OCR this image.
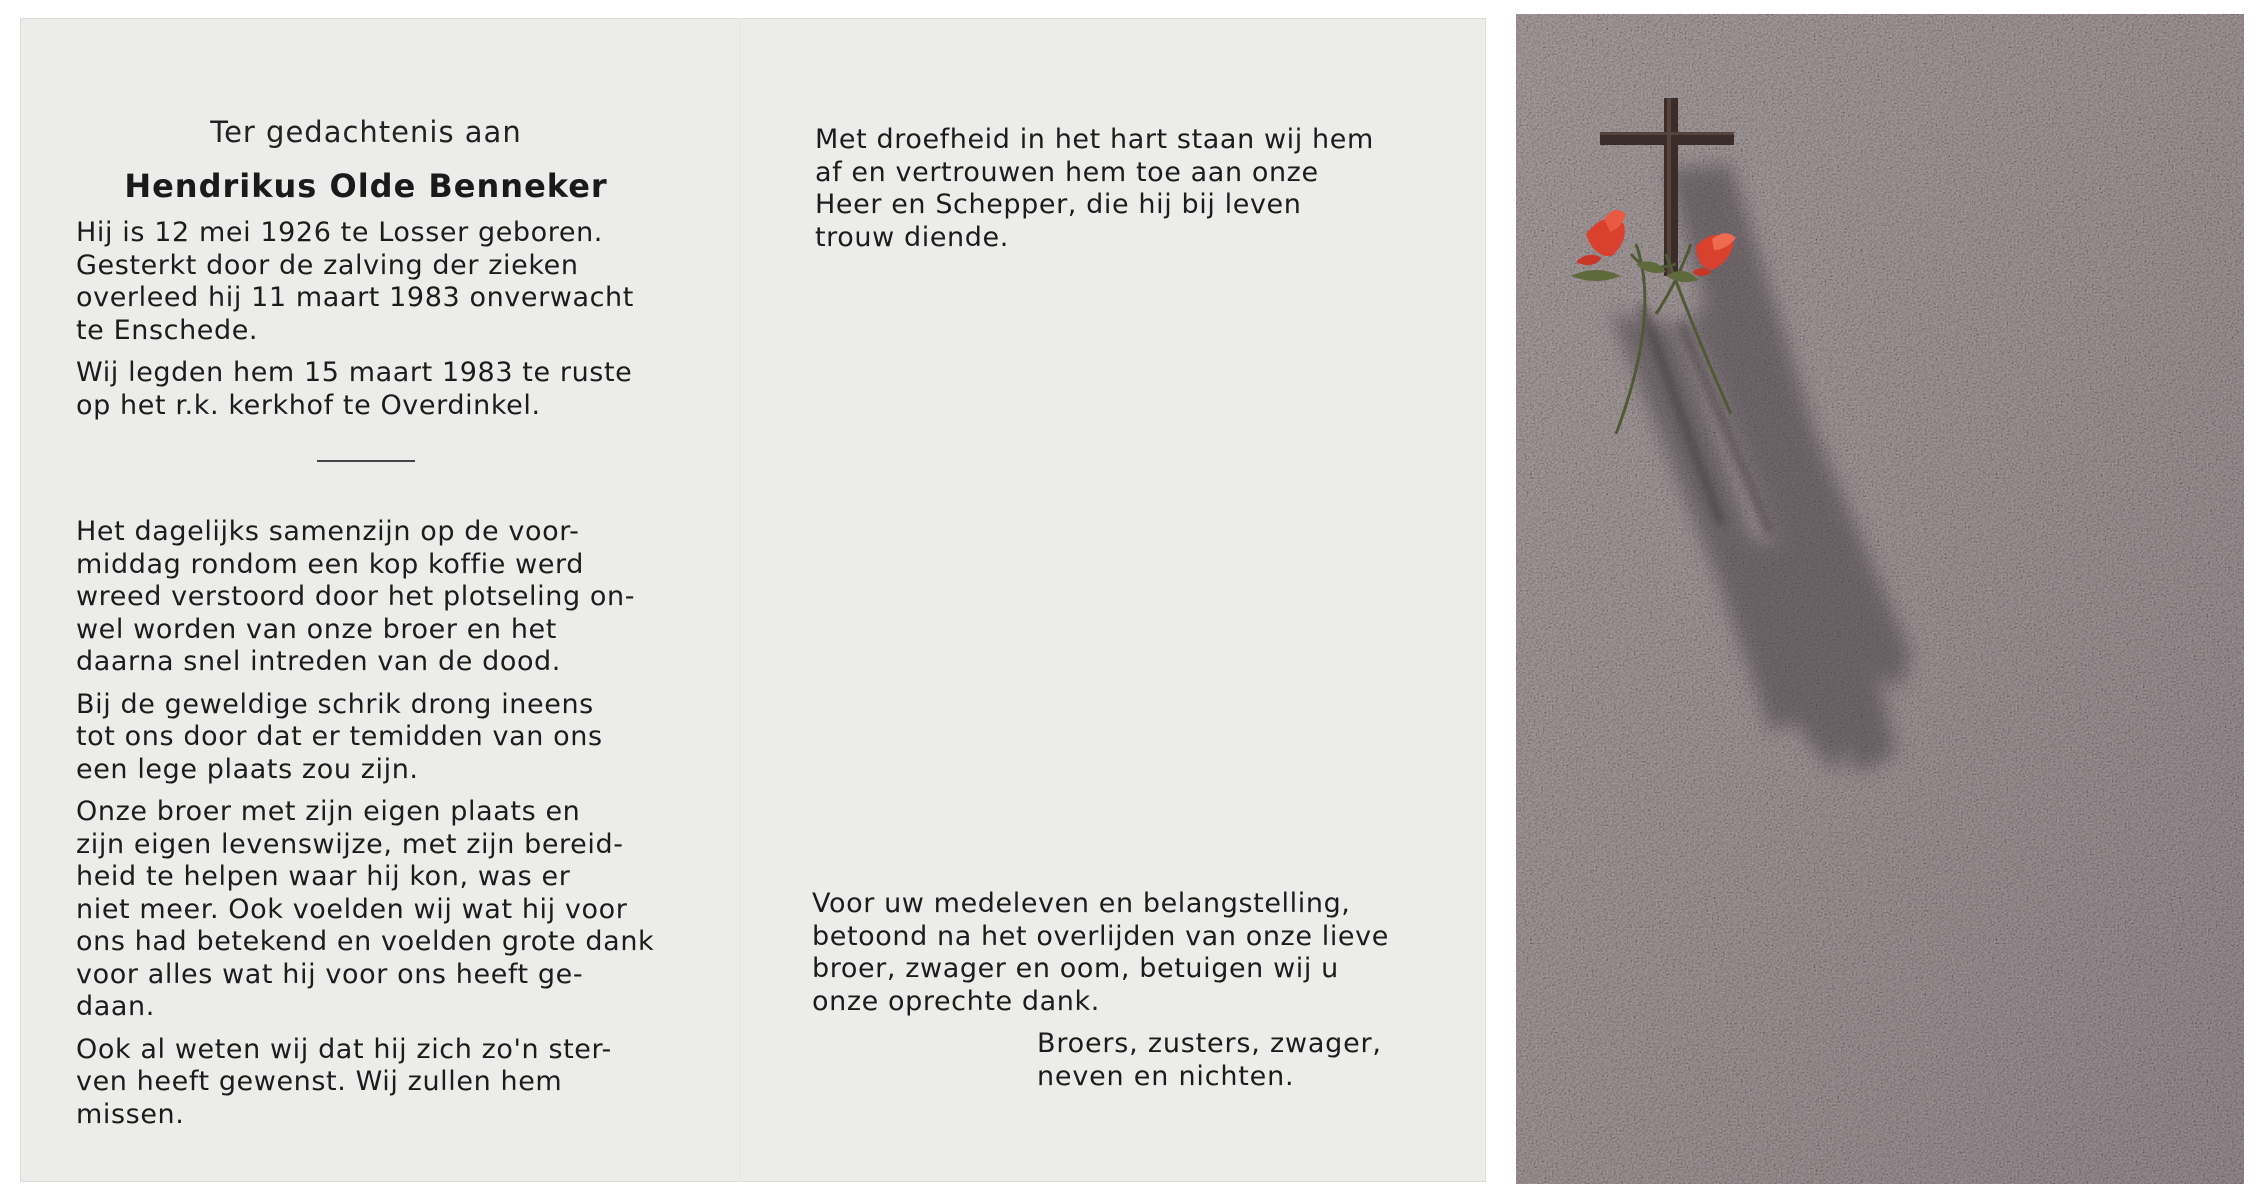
Ter gedachtenis aan
Hendrikus Olde Benneker
Hij is 12 mei 1926 te Losser geboren.
Gesterkt door de zalving der zieken
overleed hij 11 maart 1983 onverwacht
te Enschede.
Wij legden hem 15 maart 1983 te ruste
op het r.k. kerkhof te Overdinkel.
Het dagelijks samenzijn op de voor-
middag rondom een kop koffie werd
wreed verstoord door het plotseling on-
wel worden van onze broer en het
daarna snel intreden van de dood.
Bij de geweldige schrik drong ineens
tot ons door dat er temidden van ons
een lege plaats zou zijn.
Onze broer met zijn eigen plaats en
zijn eigen levenswijze, met zijn bereid-
heid te helpen waar hij kon, was er
niet meer. Ook voelden wij wat hij voor
ons had betekend en voelden grote dank
voor alles wat hij voor ons heeft ge-
daan.
Ook al weten wij dat hij zich zo'n ster-
ven heeft gewenst. Wij zullen hem
missen.
Met droefheid in het hart staan wij hem
af en vertrouwen hem toe aan onze
Heer en Schepper, die hij bij leven
trouw diende.
Voor uw medeleven en belangstelling,
betoond na het overlijden van onze lieve
broer, zwager en oom, betuigen wij u
onze oprechte dank.
Broers, zusters, zwager,
neven en nichten.
